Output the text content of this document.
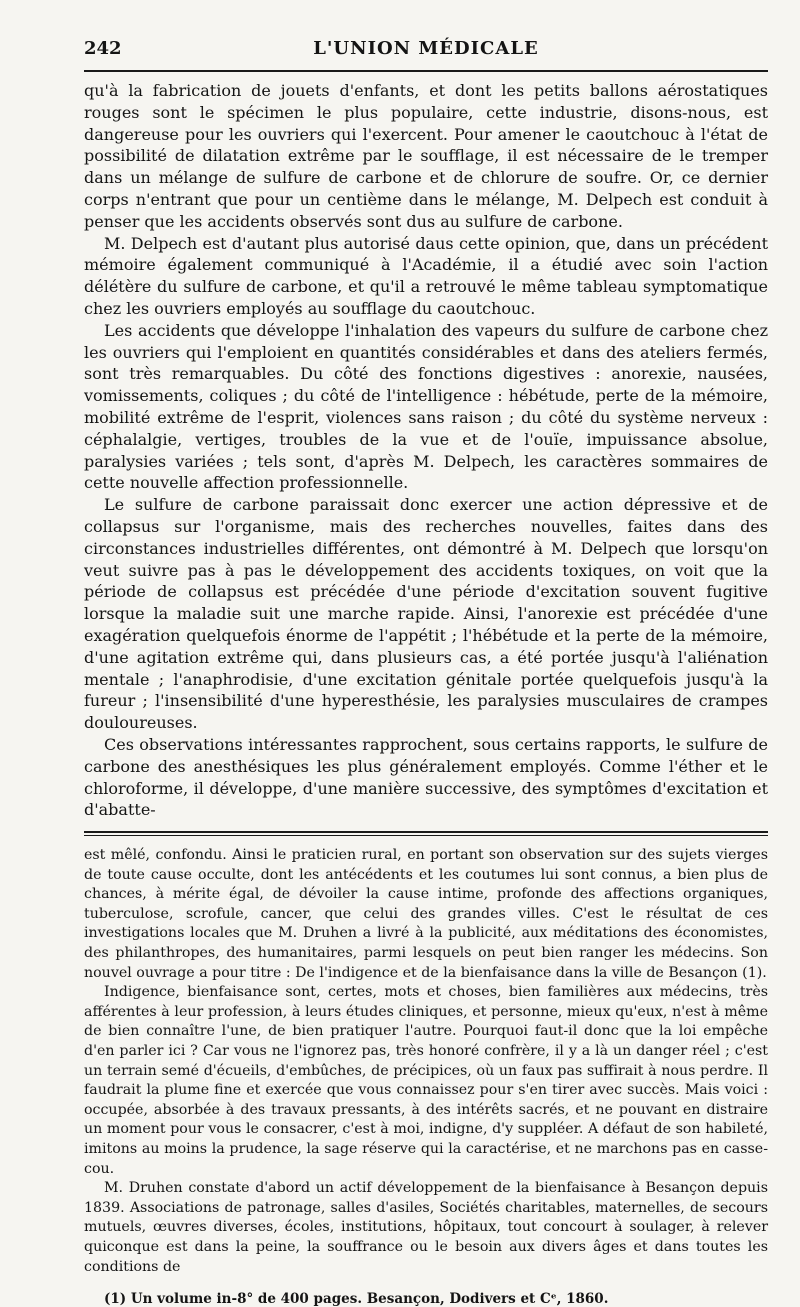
242	L'UNION MÉDICALE

qu'à la fabrication de jouets d'enfants, et dont les petits ballons aérostatiques rouges sont le spécimen le plus populaire, cette industrie, disons-nous, est dangereuse pour les ouvriers qui l'exercent. Pour amener le caoutchouc à l'état de possibilité de dilatation extrême par le soufflage, il est nécessaire de le tremper dans un mélange de sulfure de carbone et de chlorure de soufre. Or, ce dernier corps n'entrant que pour un centième dans le mélange, M. Delpech est conduit à penser que les accidents observés sont dus au sulfure de carbone.

M. Delpech est d'autant plus autorisé daus cette opinion, que, dans un précédent mémoire également communiqué à l'Académie, il a étudié avec soin l'action délétère du sulfure de carbone, et qu'il a retrouvé le même tableau symptomatique chez les ouvriers employés au soufflage du caoutchouc.

Les accidents que développe l'inhalation des vapeurs du sulfure de carbone chez les ouvriers qui l'emploient en quantités considérables et dans des ateliers fermés, sont très remarquables. Du côté des fonctions digestives : anorexie, nausées, vomissements, coliques ; du côté de l'intelligence : hébétude, perte de la mémoire, mobilité extrême de l'esprit, violences sans raison ; du côté du système nerveux : céphalalgie, vertiges, troubles de la vue et de l'ouïe, impuissance absolue, paralysies variées ; tels sont, d'après M. Delpech, les caractères sommaires de cette nouvelle affection professionnelle.

Le sulfure de carbone paraissait donc exercer une action dépressive et de collapsus sur l'organisme, mais des recherches nouvelles, faites dans des circonstances industrielles différentes, ont démontré à M. Delpech que lorsqu'on veut suivre pas à pas le développement des accidents toxiques, on voit que la période de collapsus est précédée d'une période d'excitation souvent fugitive lorsque la maladie suit une marche rapide. Ainsi, l'anorexie est précédée d'une exagération quelquefois énorme de l'appétit ; l'hébétude et la perte de la mémoire, d'une agitation extrême qui, dans plusieurs cas, a été portée jusqu'à l'aliénation mentale ; l'anaphrodisie, d'une excitation génitale portée quelquefois jusqu'à la fureur ; l'insensibilité d'une hyperesthésie, les paralysies musculaires de crampes douloureuses.

Ces observations intéressantes rapprochent, sous certains rapports, le sulfure de carbone des anesthésiques les plus généralement employés. Comme l'éther et le chloroforme, il développe, d'une manière successive, des symptômes d'excitation et d'abatte-

est mêlé, confondu. Ainsi le praticien rural, en portant son observation sur des sujets vierges de toute cause occulte, dont les antécédents et les coutumes lui sont connus, a bien plus de chances, à mérite égal, de dévoiler la cause intime, profonde des affections organiques, tuberculose, scrofule, cancer, que celui des grandes villes. C'est le résultat de ces investigations locales que M. Druhen a livré à la publicité, aux méditations des économistes, des philanthropes, des humanitaires, parmi lesquels on peut bien ranger les médecins. Son nouvel ouvrage a pour titre : De l'indigence et de la bienfaisance dans la ville de Besançon (1).

Indigence, bienfaisance sont, certes, mots et choses, bien familières aux médecins, très afférentes à leur profession, à leurs études cliniques, et personne, mieux qu'eux, n'est à même de bien connaître l'une, de bien pratiquer l'autre. Pourquoi faut-il donc que la loi empêche d'en parler ici ? Car vous ne l'ignorez pas, très honoré confrère, il y a là un danger réel ; c'est un terrain semé d'écueils, d'embûches, de précipices, où un faux pas suffirait à nous perdre. Il faudrait la plume fine et exercée que vous connaissez pour s'en tirer avec succès. Mais voici : occupée, absorbée à des travaux pressants, à des intérêts sacrés, et ne pouvant en distraire un moment pour vous le consacrer, c'est à moi, indigne, d'y suppléer. A défaut de son habileté, imitons au moins la prudence, la sage réserve qui la caractérise, et ne marchons pas en casse-cou.

M. Druhen constate d'abord un actif développement de la bienfaisance à Besançon depuis 1839. Associations de patronage, salles d'asiles, Sociétés charitables, maternelles, de secours mutuels, œuvres diverses, écoles, institutions, hôpitaux, tout concourt à soulager, à relever quiconque est dans la peine, la souffrance ou le besoin aux divers âges et dans toutes les conditions de

(1) Un volume in-8° de 400 pages. Besançon, Dodivers et Cᵉ, 1860.
